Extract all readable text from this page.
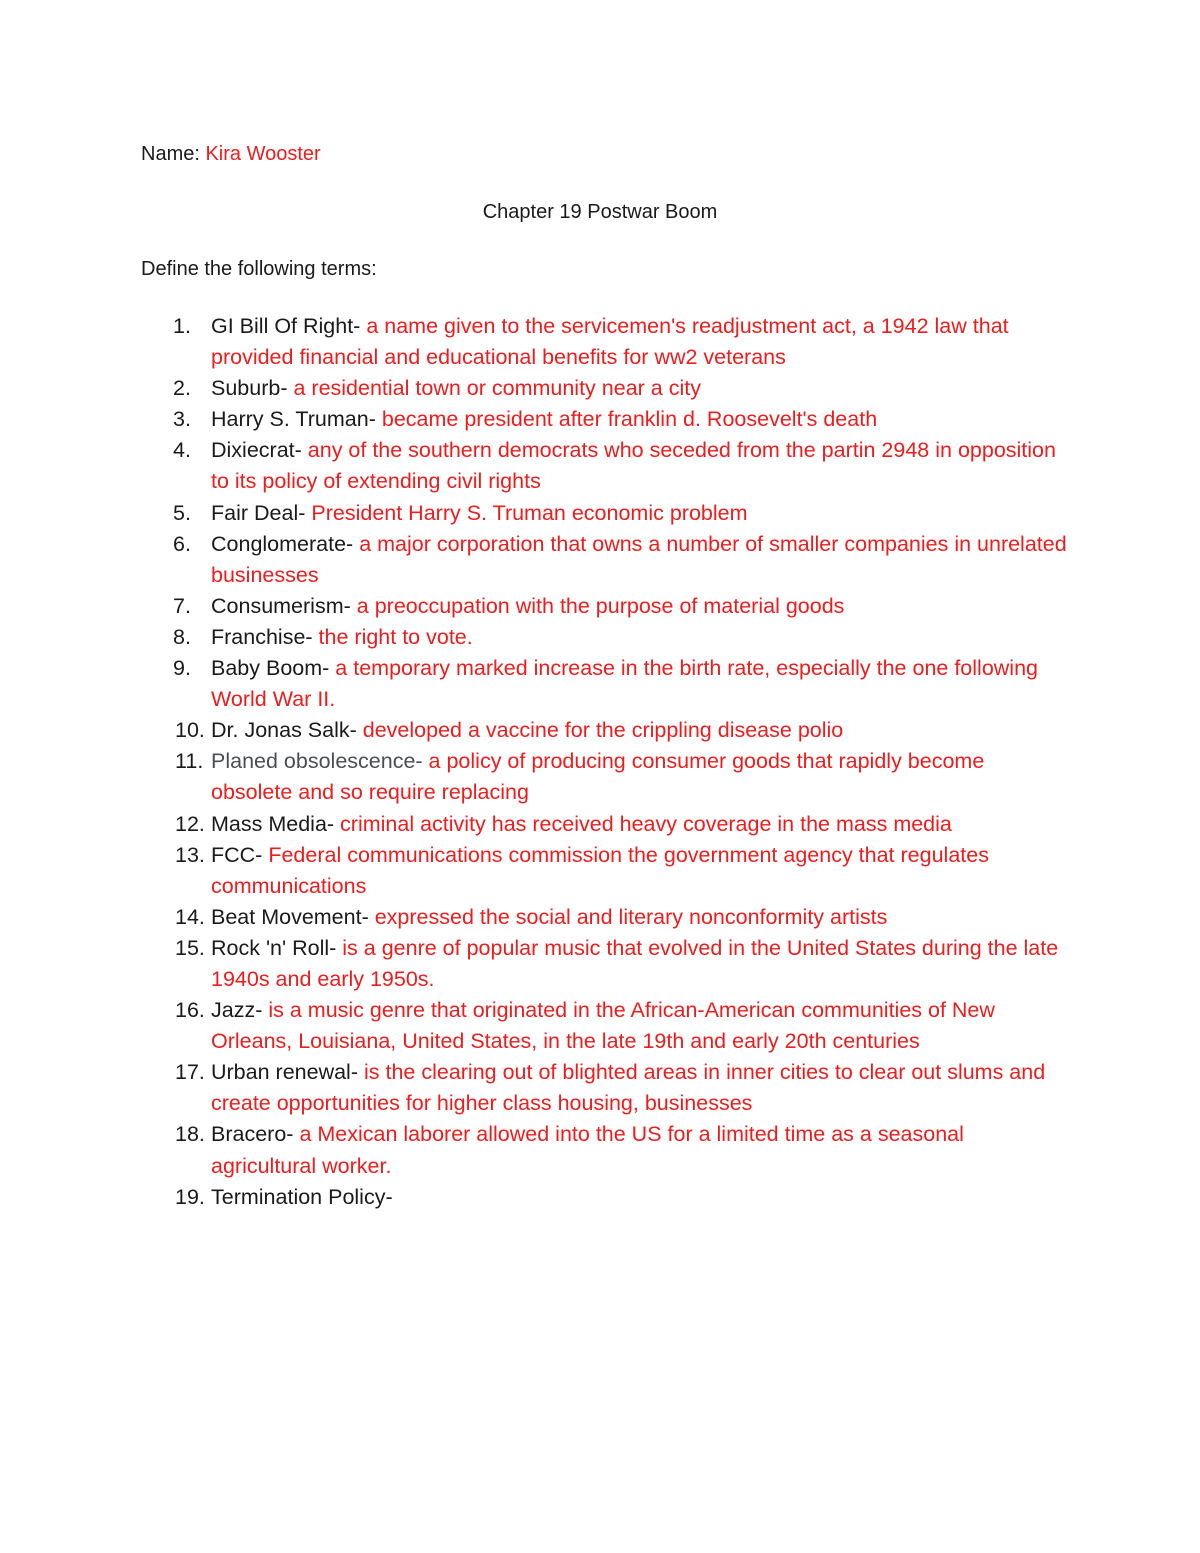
Name: Kira Wooster
Chapter 19 Postwar Boom
Define the following terms:
1. GI Bill Of Right- a name given to the servicemen's readjustment act, a 1942 law that provided financial and educational benefits for ww2 veterans
2. Suburb- a residential town or community near a city
3. Harry S. Truman- became president after franklin d. Roosevelt's death
4. Dixiecrat- any of the southern democrats who seceded from the partin 2948 in opposition to its policy of extending civil rights
5. Fair Deal- President Harry S. Truman economic problem
6. Conglomerate- a major corporation that owns a number of smaller companies in unrelated businesses
7. Consumerism- a preoccupation with the purpose of material goods
8. Franchise- the right to vote.
9. Baby Boom- a temporary marked increase in the birth rate, especially the one following World War II.
10. Dr. Jonas Salk- developed a vaccine for the crippling disease polio
11. Planed obsolescence- a policy of producing consumer goods that rapidly become obsolete and so require replacing
12. Mass Media- criminal activity has received heavy coverage in the mass media
13. FCC- Federal communications commission the government agency that regulates communications
14. Beat Movement- expressed the social and literary nonconformity artists
15. Rock 'n' Roll- is a genre of popular music that evolved in the United States during the late 1940s and early 1950s.
16. Jazz- is a music genre that originated in the African-American communities of New Orleans, Louisiana, United States, in the late 19th and early 20th centuries
17. Urban renewal- is the clearing out of blighted areas in inner cities to clear out slums and create opportunities for higher class housing, businesses
18. Bracero- a Mexican laborer allowed into the US for a limited time as a seasonal agricultural worker.
19. Termination Policy-
